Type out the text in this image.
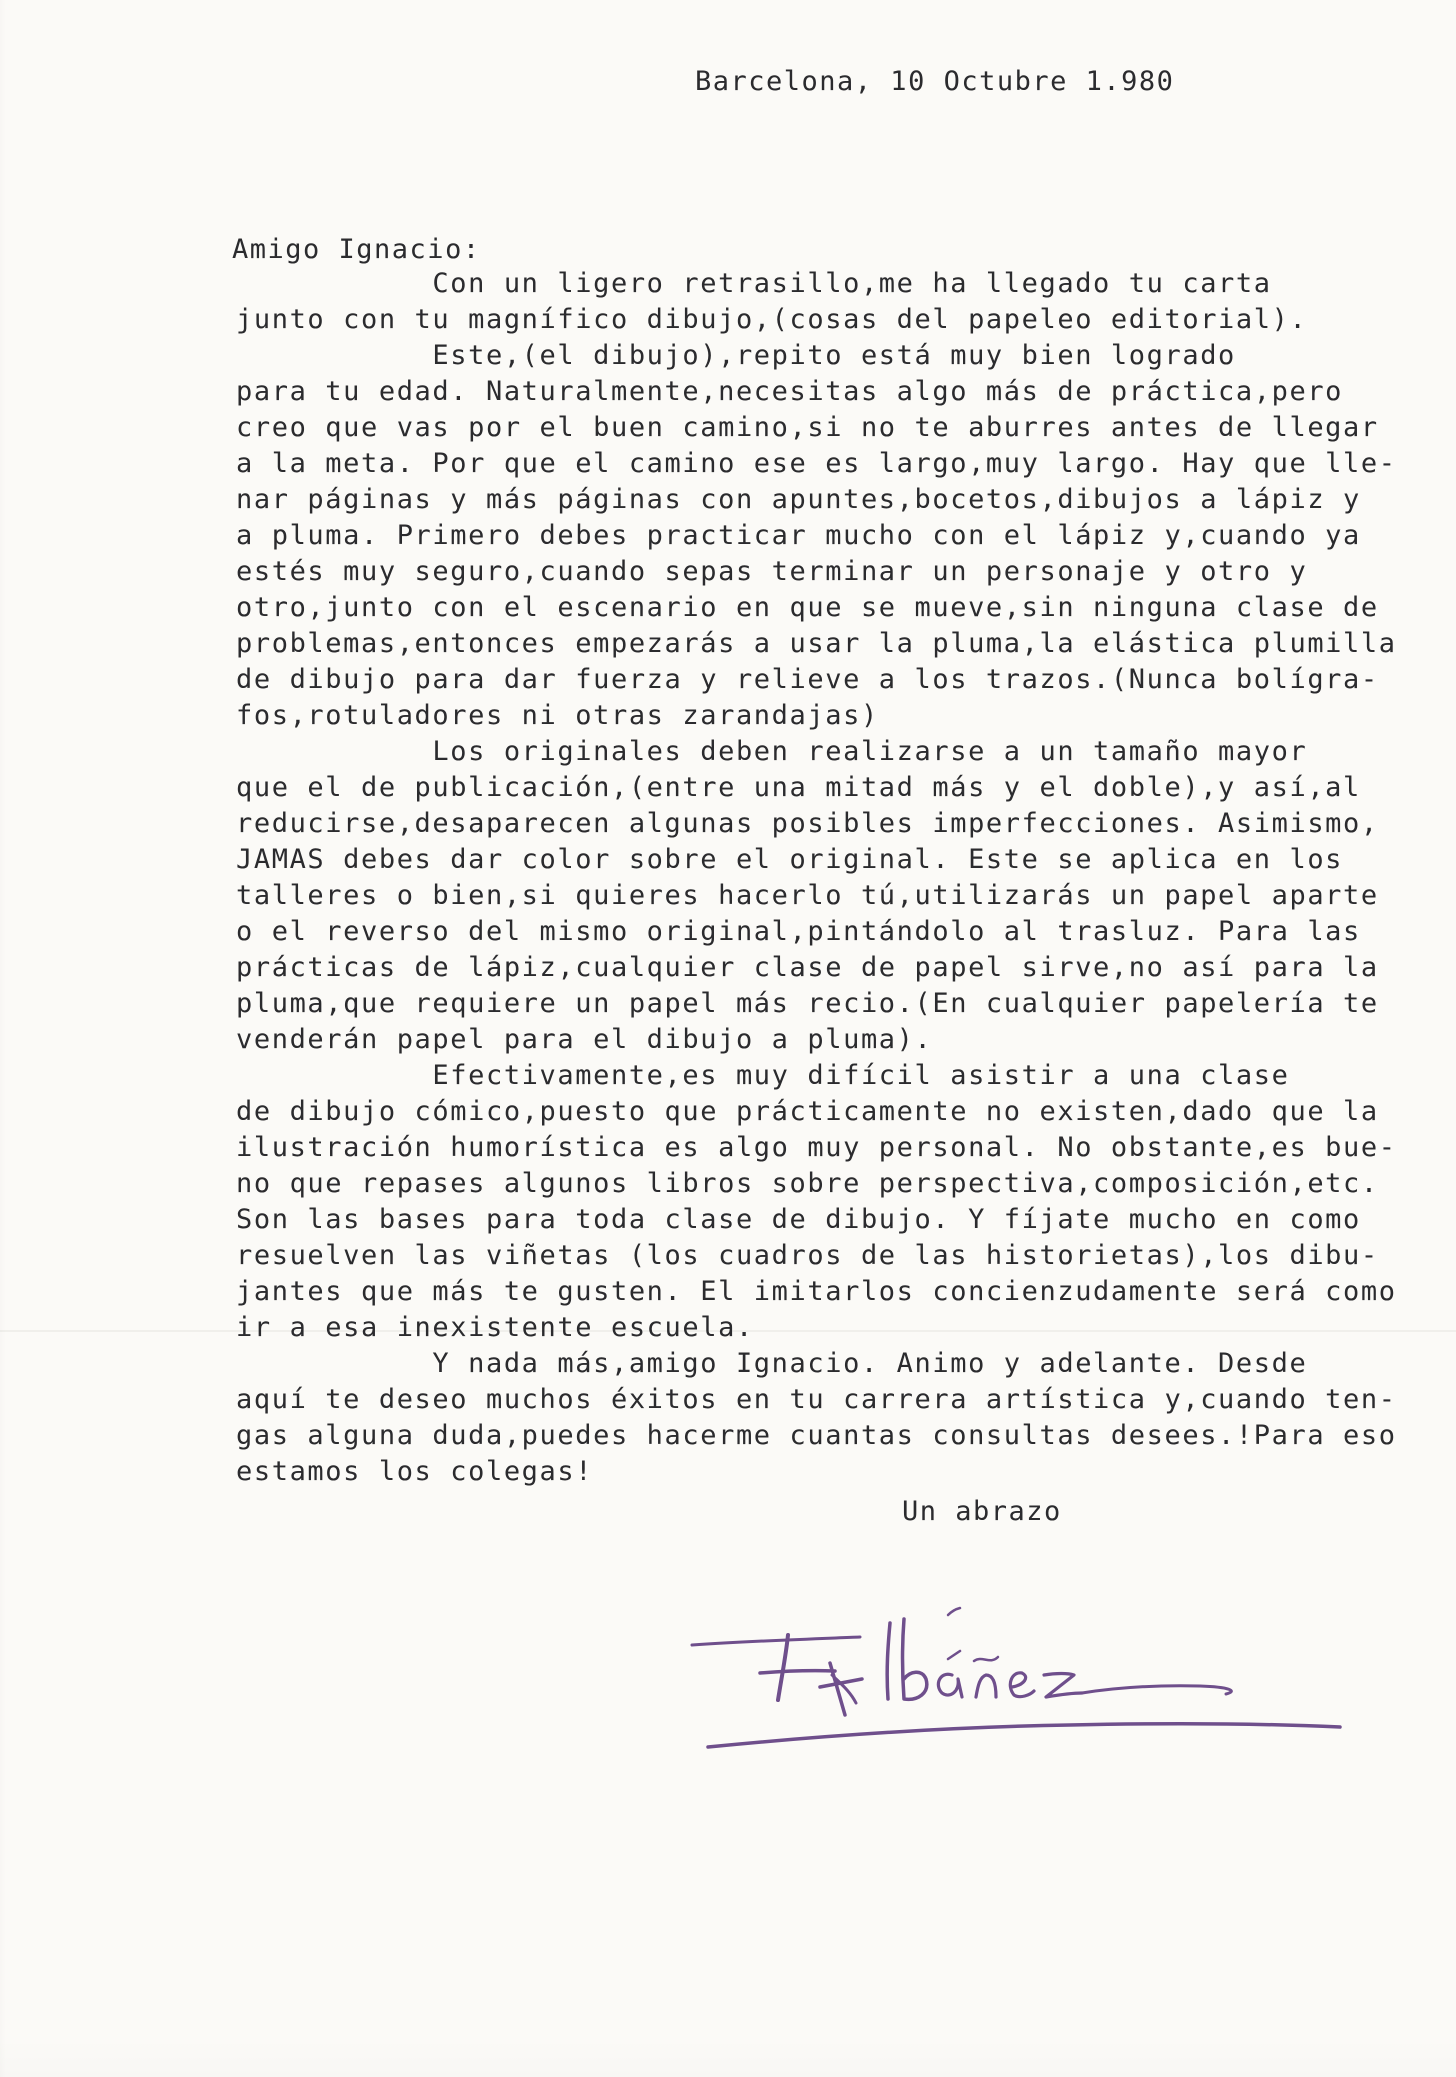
Barcelona, 10 Octubre 1.980
Amigo Ignacio:
Con un ligero retrasillo,me ha llegado tu carta
junto con tu magnífico dibujo,(cosas del papeleo editorial).
Este,(el dibujo),repito está muy bien logrado
para tu edad. Naturalmente,necesitas algo más de práctica,pero
creo que vas por el buen camino,si no te aburres antes de llegar
a la meta. Por que el camino ese es largo,muy largo. Hay que lle-
nar páginas y más páginas con apuntes,bocetos,dibujos a lápiz y
a pluma. Primero debes practicar mucho con el lápiz y,cuando ya
estés muy seguro,cuando sepas terminar un personaje y otro y
otro,junto con el escenario en que se mueve,sin ninguna clase de
problemas,entonces empezarás a usar la pluma,la elástica plumilla
de dibujo para dar fuerza y relieve a los trazos.(Nunca bolígra-
fos,rotuladores ni otras zarandajas)
Los originales deben realizarse a un tamaño mayor
que el de publicación,(entre una mitad más y el doble),y así,al
reducirse,desaparecen algunas posibles imperfecciones. Asimismo,
JAMAS debes dar color sobre el original. Este se aplica en los
talleres o bien,si quieres hacerlo tú,utilizarás un papel aparte
o el reverso del mismo original,pintándolo al trasluz. Para las
prácticas de lápiz,cualquier clase de papel sirve,no así para la
pluma,que requiere un papel más recio.(En cualquier papelería te
venderán papel para el dibujo a pluma).
Efectivamente,es muy difícil asistir a una clase
de dibujo cómico,puesto que prácticamente no existen,dado que la
ilustración humorística es algo muy personal. No obstante,es bue-
no que repases algunos libros sobre perspectiva,composición,etc.
Son las bases para toda clase de dibujo. Y fíjate mucho en como
resuelven las viñetas (los cuadros de las historietas),los dibu-
jantes que más te gusten. El imitarlos concienzudamente será como
ir a esa inexistente escuela.
Y nada más,amigo Ignacio. Animo y adelante. Desde
aquí te deseo muchos éxitos en tu carrera artística y,cuando ten-
gas alguna duda,puedes hacerme cuantas consultas desees.!Para eso
estamos los colegas!
Un abrazo
